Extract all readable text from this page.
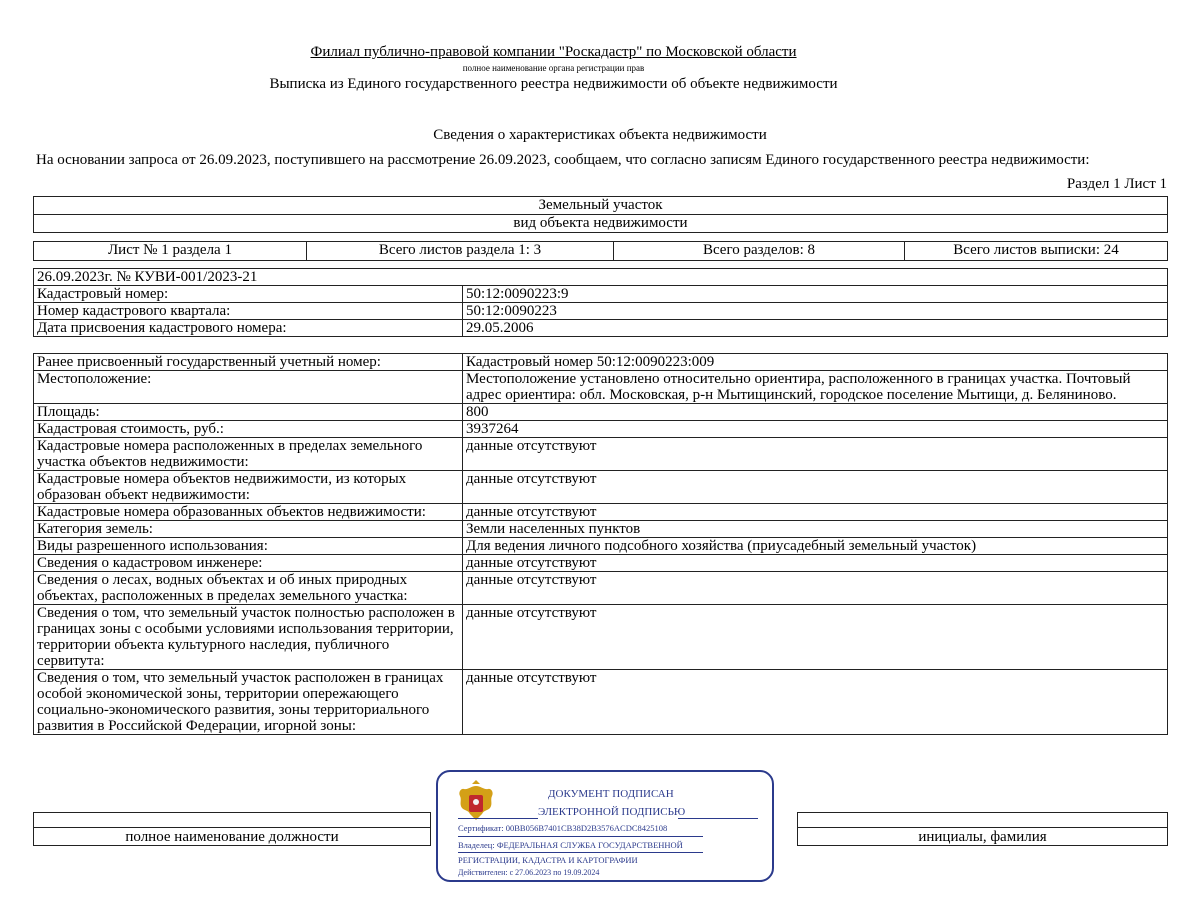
Филиал публично-правовой компании "Роскадастр" по Московской области
полное наименование органа регистрации прав
Выписка из Единого государственного реестра недвижимости об объекте недвижимости
Сведения о характеристиках объекта недвижимости
На основании запроса от 26.09.2023, поступившего на рассмотрение 26.09.2023, сообщаем, что согласно записям Единого государственного реестра недвижимости:
Раздел 1 Лист 1
Земельный участок
вид объекта недвижимости
Лист № 1 раздела 1	Всего листов раздела 1: 3	Всего разделов: 8	Всего листов выписки: 24
26.09.2023г. № КУВИ-001/2023-21	
Кадастровый номер:	50:12:0090223:9
Номер кадастрового квартала:	50:12:0090223
Дата присвоения кадастрового номера:	29.05.2006
Ранее присвоенный государственный учетный номер:	Кадастровый номер 50:12:0090223:009
Местоположение:	Местоположение установлено относительно ориентира, расположенного в границах участка. Почтовый адрес ориентира: обл. Московская, р-н Мытищинский, городское поселение Мытищи, д. Беляниново.
Площадь:	800
Кадастровая стоимость, руб.:	3937264
Кадастровые номера расположенных в пределах земельного участка объектов недвижимости:	данные отсутствуют
Кадастровые номера объектов недвижимости, из которых образован объект недвижимости:	данные отсутствуют
Кадастровые номера образованных объектов недвижимости:	данные отсутствуют
Категория земель:	Земли населенных пунктов
Виды разрешенного использования:	Для ведения личного подсобного хозяйства (приусадебный земельный участок)
Сведения о кадастровом инженере:	данные отсутствуют
Сведения о лесах, водных объектах и об иных природных объектах, расположенных в пределах земельного участка:	данные отсутствуют
Сведения о том, что земельный участок полностью расположен в границах зоны с особыми условиями использования территории, территории объекта культурного наследия, публичного сервитута:	данные отсутствуют
Сведения о том, что земельный участок расположен в границах особой экономической зоны, территории опережающего социально-экономического развития, зоны территориального развития в Российской Федерации, игорной зоны:	данные отсутствуют

полное наименование должности		инициалы, фамилия
ДОКУМЕНТ ПОДПИСАН
ЭЛЕКТРОННОЙ ПОДПИСЬЮ
Сертификат: 00BB056B7401CB38D2B3576ACDC8425108
Владелец: ФЕДЕРАЛЬНАЯ СЛУЖБА ГОСУДАРСТВЕННОЙ
РЕГИСТРАЦИИ, КАДАСТРА И КАРТОГРАФИИ
Действителен: с 27.06.2023 по 19.09.2024
